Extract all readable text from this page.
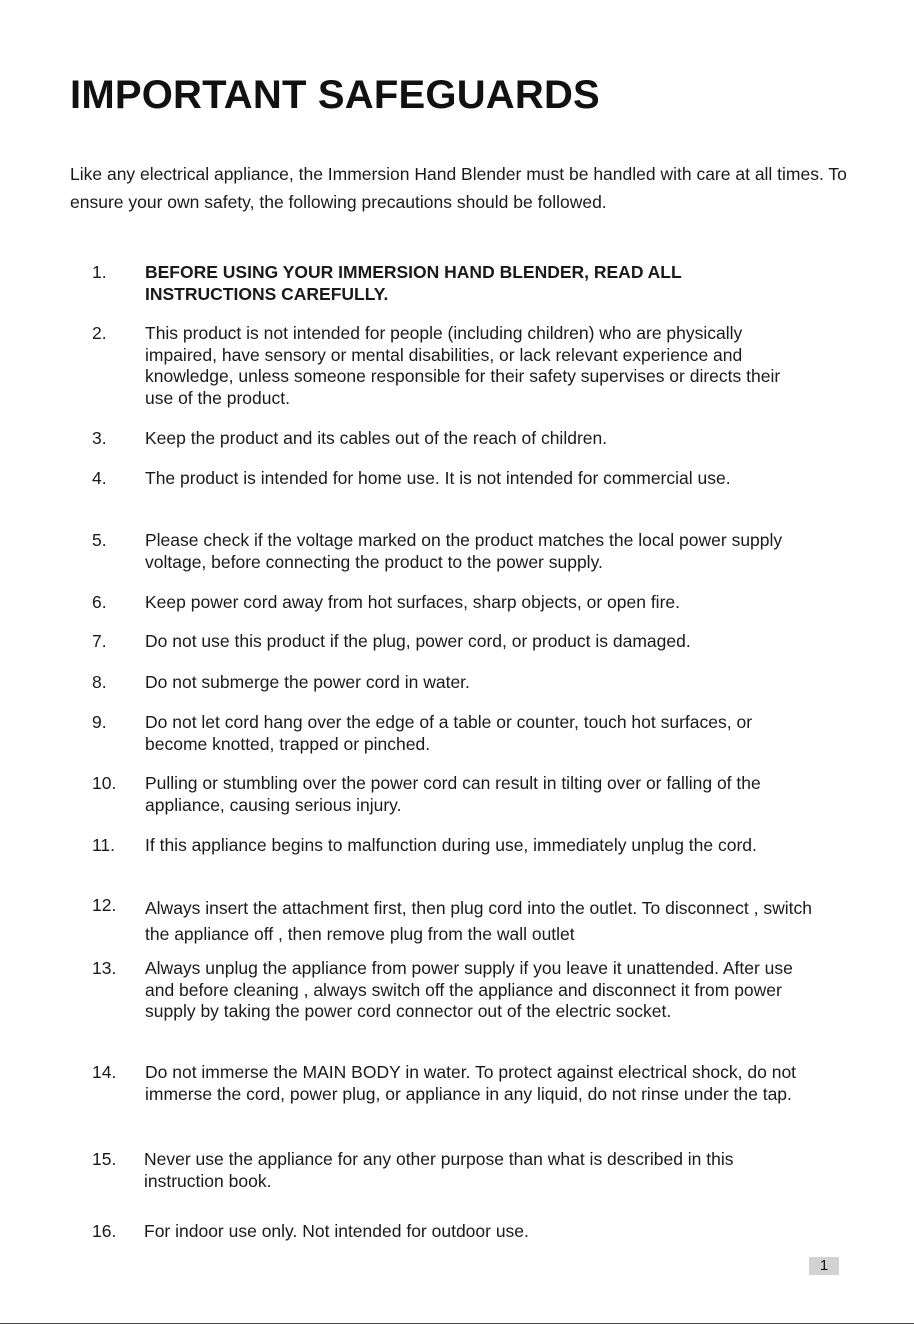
IMPORTANT SAFEGUARDS

Like any electrical appliance, the Immersion Hand Blender must be handled with care at all times. To ensure your own safety, the following precautions should be followed.

1.	BEFORE USING YOUR IMMERSION HAND BLENDER, READ ALL INSTRUCTIONS CAREFULLY.
2.	This product is not intended for people (including children) who are physically impaired, have sensory or mental disabilities, or lack relevant experience and knowledge, unless someone responsible for their safety supervises or directs their use of the product.
3.	Keep the product and its cables out of the reach of children.
4.	The product is intended for home use. It is not intended for commercial use.
5.	Please check if the voltage marked on the product matches the local power supply voltage, before connecting the product to the power supply.
6.	Keep power cord away from hot surfaces, sharp objects, or open fire.
7.	Do not use this product if the plug, power cord, or product is damaged.
8.	Do not submerge the power cord in water.
9.	Do not let cord hang over the edge of a table or counter, touch hot surfaces, or become knotted, trapped or pinched.
10.	Pulling or stumbling over the power cord can result in tilting over or falling of the appliance, causing serious injury.
11.	If this appliance begins to malfunction during use, immediately unplug the cord.
12.	Always insert the attachment first, then plug cord into the outlet. To disconnect , switch the appliance off , then remove plug from the wall outlet
13.	Always unplug the appliance from power supply if you leave it unattended. After use and before cleaning , always switch off the appliance and disconnect it from power supply by taking the power cord connector out of the electric socket.
14.	Do not immerse the MAIN BODY in water. To protect against electrical shock, do not immerse the cord, power plug, or appliance in any liquid, do not rinse under the tap.
15.	Never use the appliance for any other purpose than what is described in this instruction book.
16.	For indoor use only. Not intended for outdoor use.
1
